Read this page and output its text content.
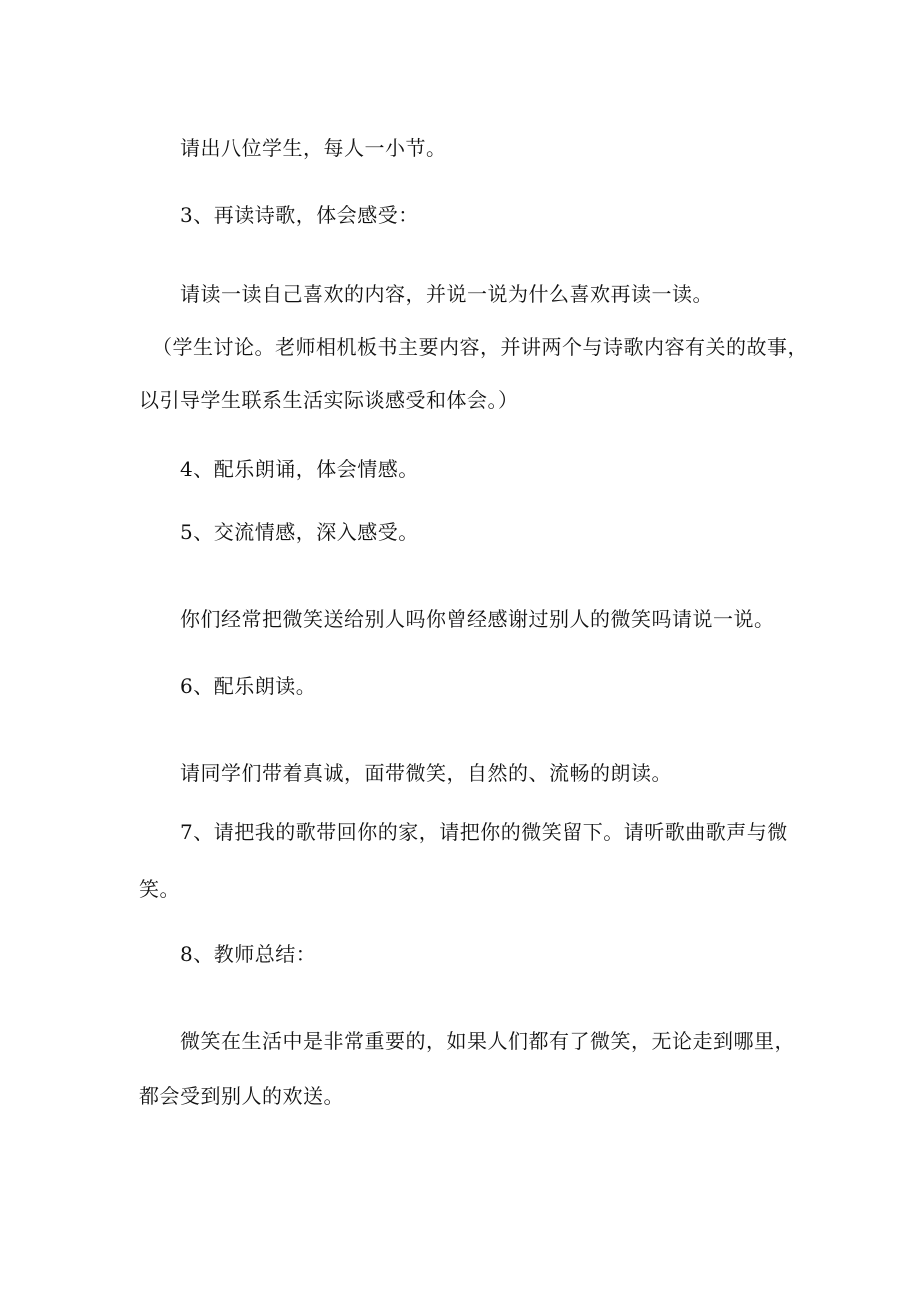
请出八位学生，每人一小节。
3、再读诗歌，体会感受：
请读一读自己喜欢的内容，并说一说为什么喜欢再读一读。
（学生讨论。老师相机板书主要内容，并讲两个与诗歌内容有关的故事，
以引导学生联系生活实际谈感受和体会。）
4、配乐朗诵，体会情感。
5、交流情感，深入感受。
你们经常把微笑送给别人吗你曾经感谢过别人的微笑吗请说一说。
6、配乐朗读。
请同学们带着真诚，面带微笑，自然的、流畅的朗读。
7、请把我的歌带回你的家，请把你的微笑留下。请听歌曲歌声与微
笑。
8、教师总结：
微笑在生活中是非常重要的，如果人们都有了微笑，无论走到哪里，
都会受到别人的欢送。
